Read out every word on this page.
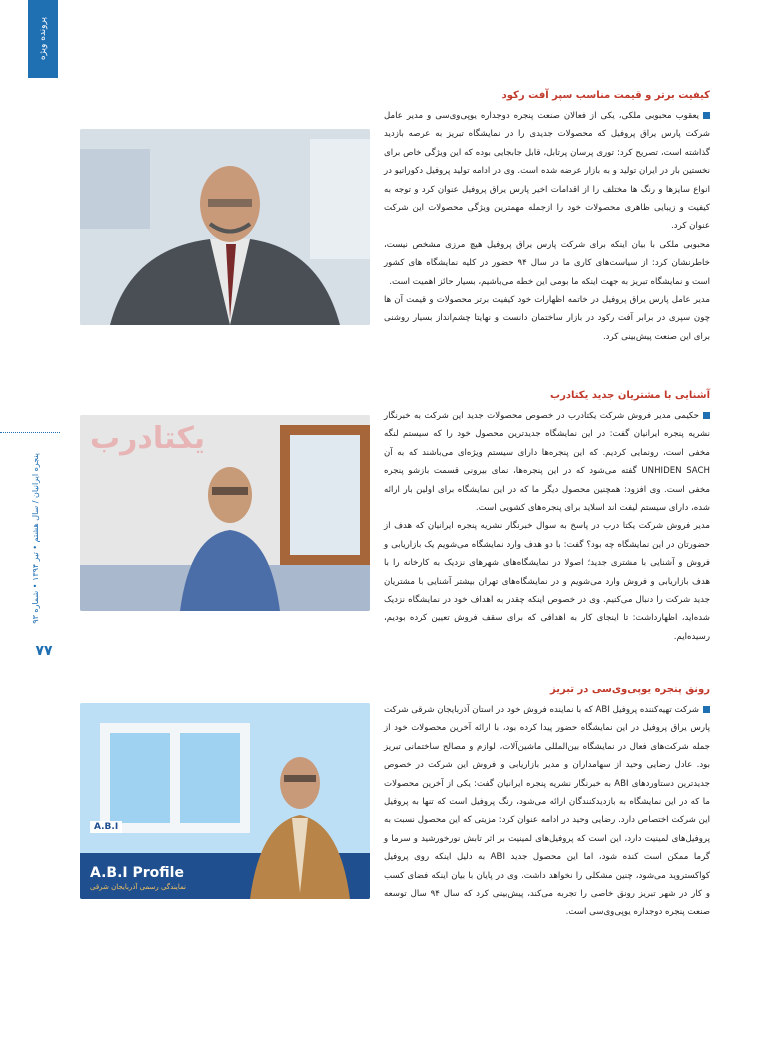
پرونده ویژه
پنجره ایرانیان / سال هشتم • تیر ۱۳۹۴ • شماره ۹۳
۷۷
کیفیت برتر و قیمت مناسب سپر آفت رکود

یعقوب محبوبی ملکی، یکی از فعالان صنعت پنجره دوجداره یوپی‌وی‌سی و مدیر عامل شرکت پارس یراق پروفیل که محصولات جدیدی را در نمایشگاه تبریز به عرصه بازدید گذاشته است، تصریح کرد: توری پرسان پرتابل، قابل جابجایی بوده که این ویژگی خاص برای نخستین بار در ایران تولید و به بازار عرضه شده است. وی در ادامه تولید پروفیل دکوراتیو در انواع سایزها و رنگ ها مختلف را از اقدامات اخیر پارس یراق پروفیل عنوان کرد و توجه به کیفیت و زیبایی ظاهری محصولات خود را ازجمله مهمترین ویژگی محصولات این شرکت عنوان کرد.

محبوبی ملکی با بیان اینکه برای شرکت پارس یراق پروفیل هیچ مرزی مشخص نیست، خاطرنشان کرد: از سیاست‌های کاری ما در سال ۹۴ حضور در کلیه نمایشگاه های کشور است و نمایشگاه تبریز به جهت اینکه ما بومی این خطه می‌باشیم، بسیار حائز اهمیت است.

مدیر عامل پارس یراق پروفیل در خاتمه اظهارات خود کیفیت برتر محصولات و قیمت آن ها چون سپری در برابر آفت رکود در بازار ساختمان دانست و نهایتا چشم‌انداز بسیار روشنی برای این صنعت پیش‌بینی کرد.

آشنایی با مشتریان جدید یکتادرب

حکیمی مدیر فروش شرکت یکتادرب در خصوص محصولات جدید این شرکت به خبرنگار نشریه پنجره ایرانیان گفت: در این نمایشگاه جدیدترین محصول خود را که سیستم لنگه مخفی است، رونمایی کردیم. که این پنجره‌ها دارای سیستم ویژه‌ای می‌باشند که به آن UNHIDEN SACH گفته می‌شود که در این پنجره‌ها، نمای بیرونی قسمت بازشو پنجره مخفی است. وی افزود: همچنین محصول دیگر ما که در این نمایشگاه برای اولین بار ارائه شده، دارای سیستم لیفت اند اسلاید برای پنجره‌های کشویی است.

مدیر فروش شرکت یکتا درب در پاسخ به سوال خبرنگار نشریه پنجره ایرانیان که هدف از حضورتان در این نمایشگاه چه بود؟ گفت: با دو هدف وارد نمایشگاه می‌شویم یک بازاریابی و فروش و آشنایی با مشتری جدید؛ اصولا در نمایشگاه‌های شهرهای نزدیک به کارخانه را با هدف بازاریابی و فروش وارد می‌شویم و در نمایشگاه‌های تهران بیشتر آشنایی با مشتریان جدید شرکت را دنبال می‌کنیم. وی در خصوص اینکه چقدر به اهداف خود در نمایشگاه نزدیک شده‌اید، اظهارداشت: تا اینجای کار به اهدافی که برای سقف فروش تعیین کرده بودیم، رسیده‌ایم.

یکتادرب
رونق پنجره یوپی‌وی‌سی در تبریز

شرکت تهیه‌کننده پروفیل ABI که با نماینده فروش خود در استان آذربایجان شرقی شرکت پارس یراق پروفیل در این نمایشگاه حضور پیدا کرده بود، با ارائه آخرین محصولات خود از جمله شرکت‌های فعال در نمایشگاه بین‌المللی ماشین‌آلات، لوازم و مصالح ساختمانی تبریز بود. عادل رضایی وحید از سهامداران و مدیر بازاریابی و فروش این شرکت در خصوص جدیدترین دستاوردهای ABI به خبرنگار نشریه پنجره ایرانیان گفت: یکی از آخرین محصولات ما که در این نمایشگاه به بازدیدکنندگان ارائه می‌شود، رنگ پروفیل است که تنها به پروفیل این شرکت اختصاص دارد. رضایی وحید در ادامه عنوان کرد: مزیتی که این محصول نسبت به پروفیل‌های لمینیت دارد، این است که پروفیل‌های لمینیت بر اثر تابش نورخورشید و سرما و گرما ممکن است کنده شود، اما این محصول جدید ABI به دلیل اینکه روی پروفیل کواکستروید می‌شود، چنین مشکلی را نخواهد داشت. وی در پایان با بیان اینکه فضای کسب و کار در شهر تبریز رونق خاصی را تجربه می‌کند، پیش‌بینی کرد که سال ۹۴ سال توسعه صنعت پنجره دوجداره یوپی‌وی‌سی است.

A.B.I
A.B.I Profile
نمایندگی رسمی آذربایجان شرقی
